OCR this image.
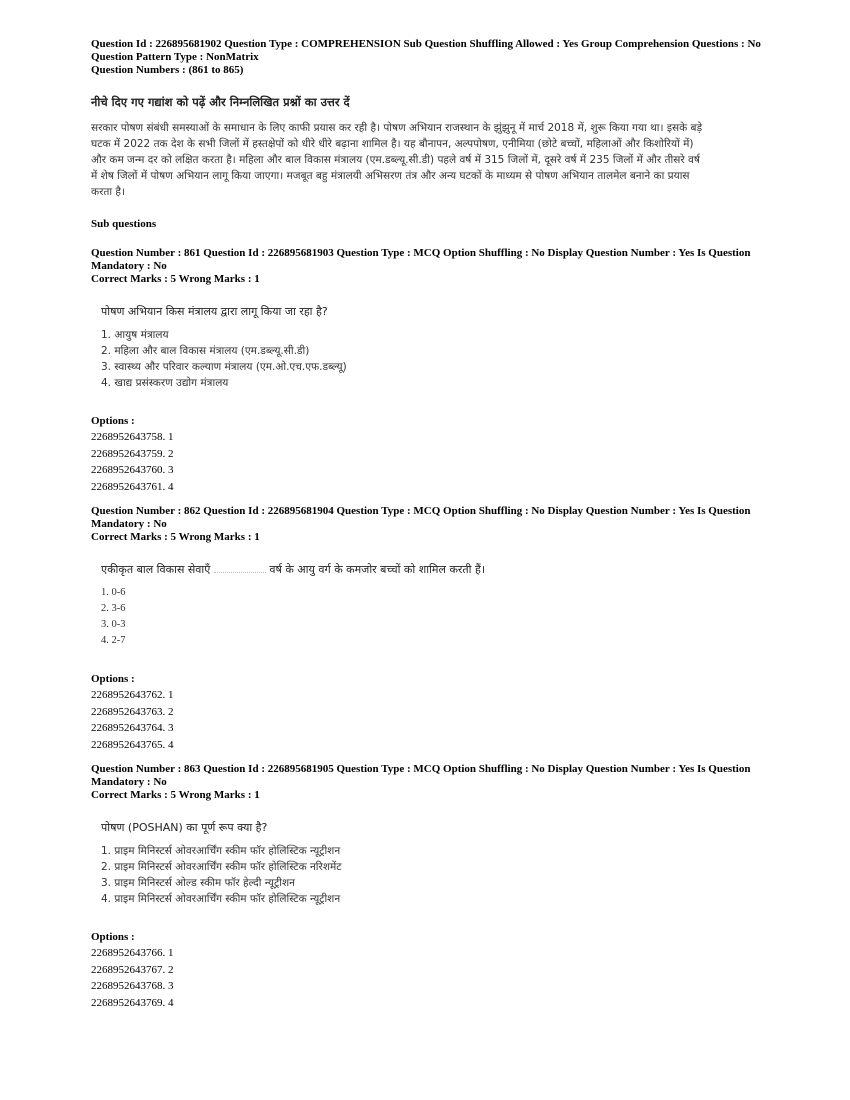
Question Id : 226895681902 Question Type : COMPREHENSION Sub Question Shuffling Allowed : Yes Group Comprehension Questions : No Question Pattern Type : NonMatrix
Question Numbers : (861 to 865)
नीचे दिए गए गद्यांश को पढ़ें और निम्नलिखित प्रश्नों का उत्तर दें
सरकार पोषण संबंधी समस्याओं के समाधान के लिए काफी प्रयास कर रही है। पोषण अभियान राजस्थान के झुंझुनू में मार्च 2018 में, शुरू किया गया था। इसके बड़े घटक में 2022 तक देश के सभी जिलों में हस्तक्षेपों को धीरे धीरे बढ़ाना शामिल है। यह बौनापन, अल्पपोषण, एनीमिया (छोटे बच्चों, महिलाओं और किशोरियों में) और कम जन्म दर को लक्षित करता है। महिला और बाल विकास मंत्रालय (एम.डब्ल्यू.सी.डी) पहले वर्ष में 315 जिलों में, दूसरे वर्ष में 235 जिलों में और तीसरे वर्ष में शेष जिलों में पोषण अभियान लागू किया जाएगा। मजबूत बहु मंत्रालयी अभिसरण तंत्र और अन्य घटकों के माध्यम से पोषण अभियान तालमेल बनाने का प्रयास करता है।
Sub questions
Question Number : 861 Question Id : 226895681903 Question Type : MCQ Option Shuffling : No Display Question Number : Yes Is Question Mandatory : No
Correct Marks : 5 Wrong Marks : 1
पोषण अभियान किस मंत्रालय द्वारा लागू किया जा रहा है?
1. आयुष मंत्रालय
2. महिला और बाल विकास मंत्रालय (एम.डब्ल्यू.सी.डी)
3. स्वास्थ्य और परिवार कल्याण मंत्रालय (एम.ओ.एच.एफ.डब्ल्यू)
4. खाद्य प्रसंस्करण उद्योग मंत्रालय
Options :
2268952643758. 1
2268952643759. 2
2268952643760. 3
2268952643761. 4
Question Number : 862 Question Id : 226895681904 Question Type : MCQ Option Shuffling : No Display Question Number : Yes Is Question Mandatory : No
Correct Marks : 5 Wrong Marks : 1
एकीकृत बाल विकास सेवाएँ	वर्ष के आयु वर्ग के कमजोर बच्चों को शामिल करती हैं।
1. 0-6
2. 3-6
3. 0-3
4. 2-7
Options :
2268952643762. 1
2268952643763. 2
2268952643764. 3
2268952643765. 4
Question Number : 863 Question Id : 226895681905 Question Type : MCQ Option Shuffling : No Display Question Number : Yes Is Question Mandatory : No
Correct Marks : 5 Wrong Marks : 1
पोषण (POSHAN) का पूर्ण रूप क्या है?
1. प्राइम मिनिस्टर्स ओवरआर्चिंग स्कीम फॉर होलिस्टिक न्यूट्रीशन
2. प्राइम मिनिस्टर्स ओवरआर्चिंग स्कीम फॉर होलिस्टिक नरिशमेंट
3. प्राइम मिनिस्टर्स ओल्ड स्कीम फॉर हेल्दी न्यूट्रीशन
4. प्राइम मिनिस्टर्स ओवरआर्चिंग स्कीम फॉर होलिस्टिक न्यूट्रीशन
Options :
2268952643766. 1
2268952643767. 2
2268952643768. 3
2268952643769. 4
